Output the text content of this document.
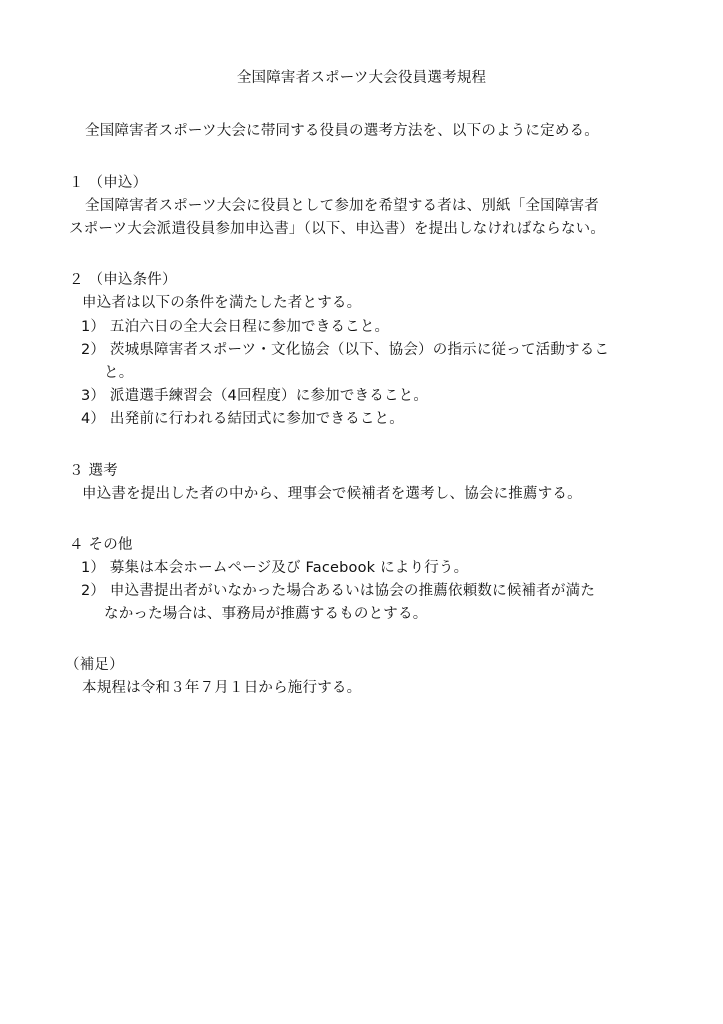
全国障害者スポーツ大会役員選考規程
全国障害者スポーツ大会に帯同する役員の選考方法を、以下のように定める。
１ （申込）
全国障害者スポーツ大会に役員として参加を希望する者は、別紙「全国障害者
スポーツ大会派遣役員参加申込書」（以下、申込書）を提出しなければならない。
２ （申込条件）
申込者は以下の条件を満たした者とする。
1） 五泊六日の全大会日程に参加できること。
2） 茨城県障害者スポーツ・文化協会（以下、協会）の指示に従って活動するこ
と。
3） 派遣選手練習会（4回程度）に参加できること。
4） 出発前に行われる結団式に参加できること。
３ 選考
申込書を提出した者の中から、理事会で候補者を選考し、協会に推薦する。
４ その他
1） 募集は本会ホームページ及び Facebook により行う。
2） 申込書提出者がいなかった場合あるいは協会の推薦依頼数に候補者が満た
なかった場合は、事務局が推薦するものとする。
（補足）
本規程は令和３年７月１日から施行する。
